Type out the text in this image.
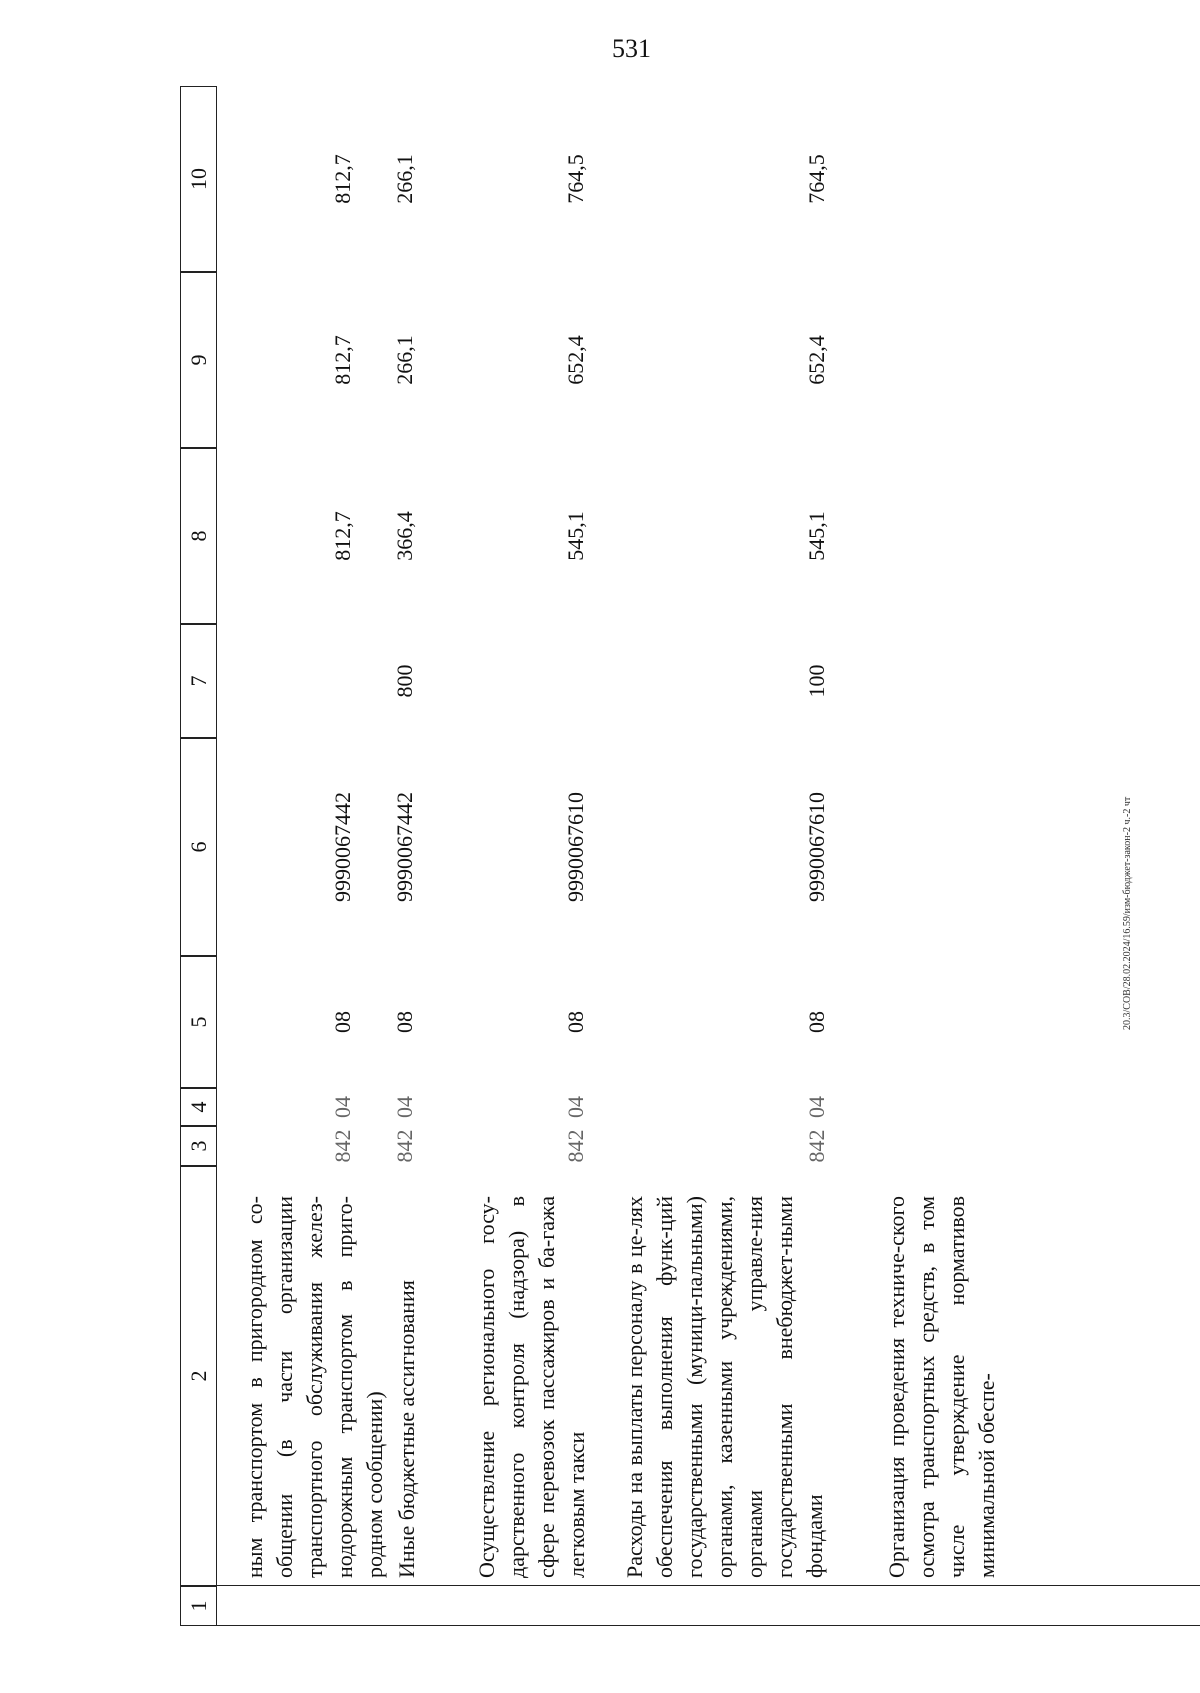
531
20.3/СОВ/28.02.2024/16.59/изм-бюджет-закон-2 ч.-2 чт
1
2
3
4
5
6
7
8
9
10
ным транспортом в пригородном со-общении (в части организации транспортного обслуживания желез-нодорожным транспортом в приго-родном сообщении)
842
04
08
9990067442
812,7
812,7
812,7
Иные бюджетные ассигнования
842
04
08
9990067442
800
366,4
266,1
266,1
Осуществление регионального госу-дарственного контроля (надзора) в сфере перевозок пассажиров и ба-гажа легковым такси
842
04
08
9990067610
545,1
652,4
764,5
Расходы на выплаты персоналу в це-лях обеспечения выполнения функ-ций государственными (муници-пальными) органами, казенными учреждениями, органами управле-ния государственными внебюджет-ными фондами
842
04
08
9990067610
100
545,1
652,4
764,5
Организация проведения техниче-ского осмотра транспортных средств, в том числе утверждение нормативов минимальной обеспе-
